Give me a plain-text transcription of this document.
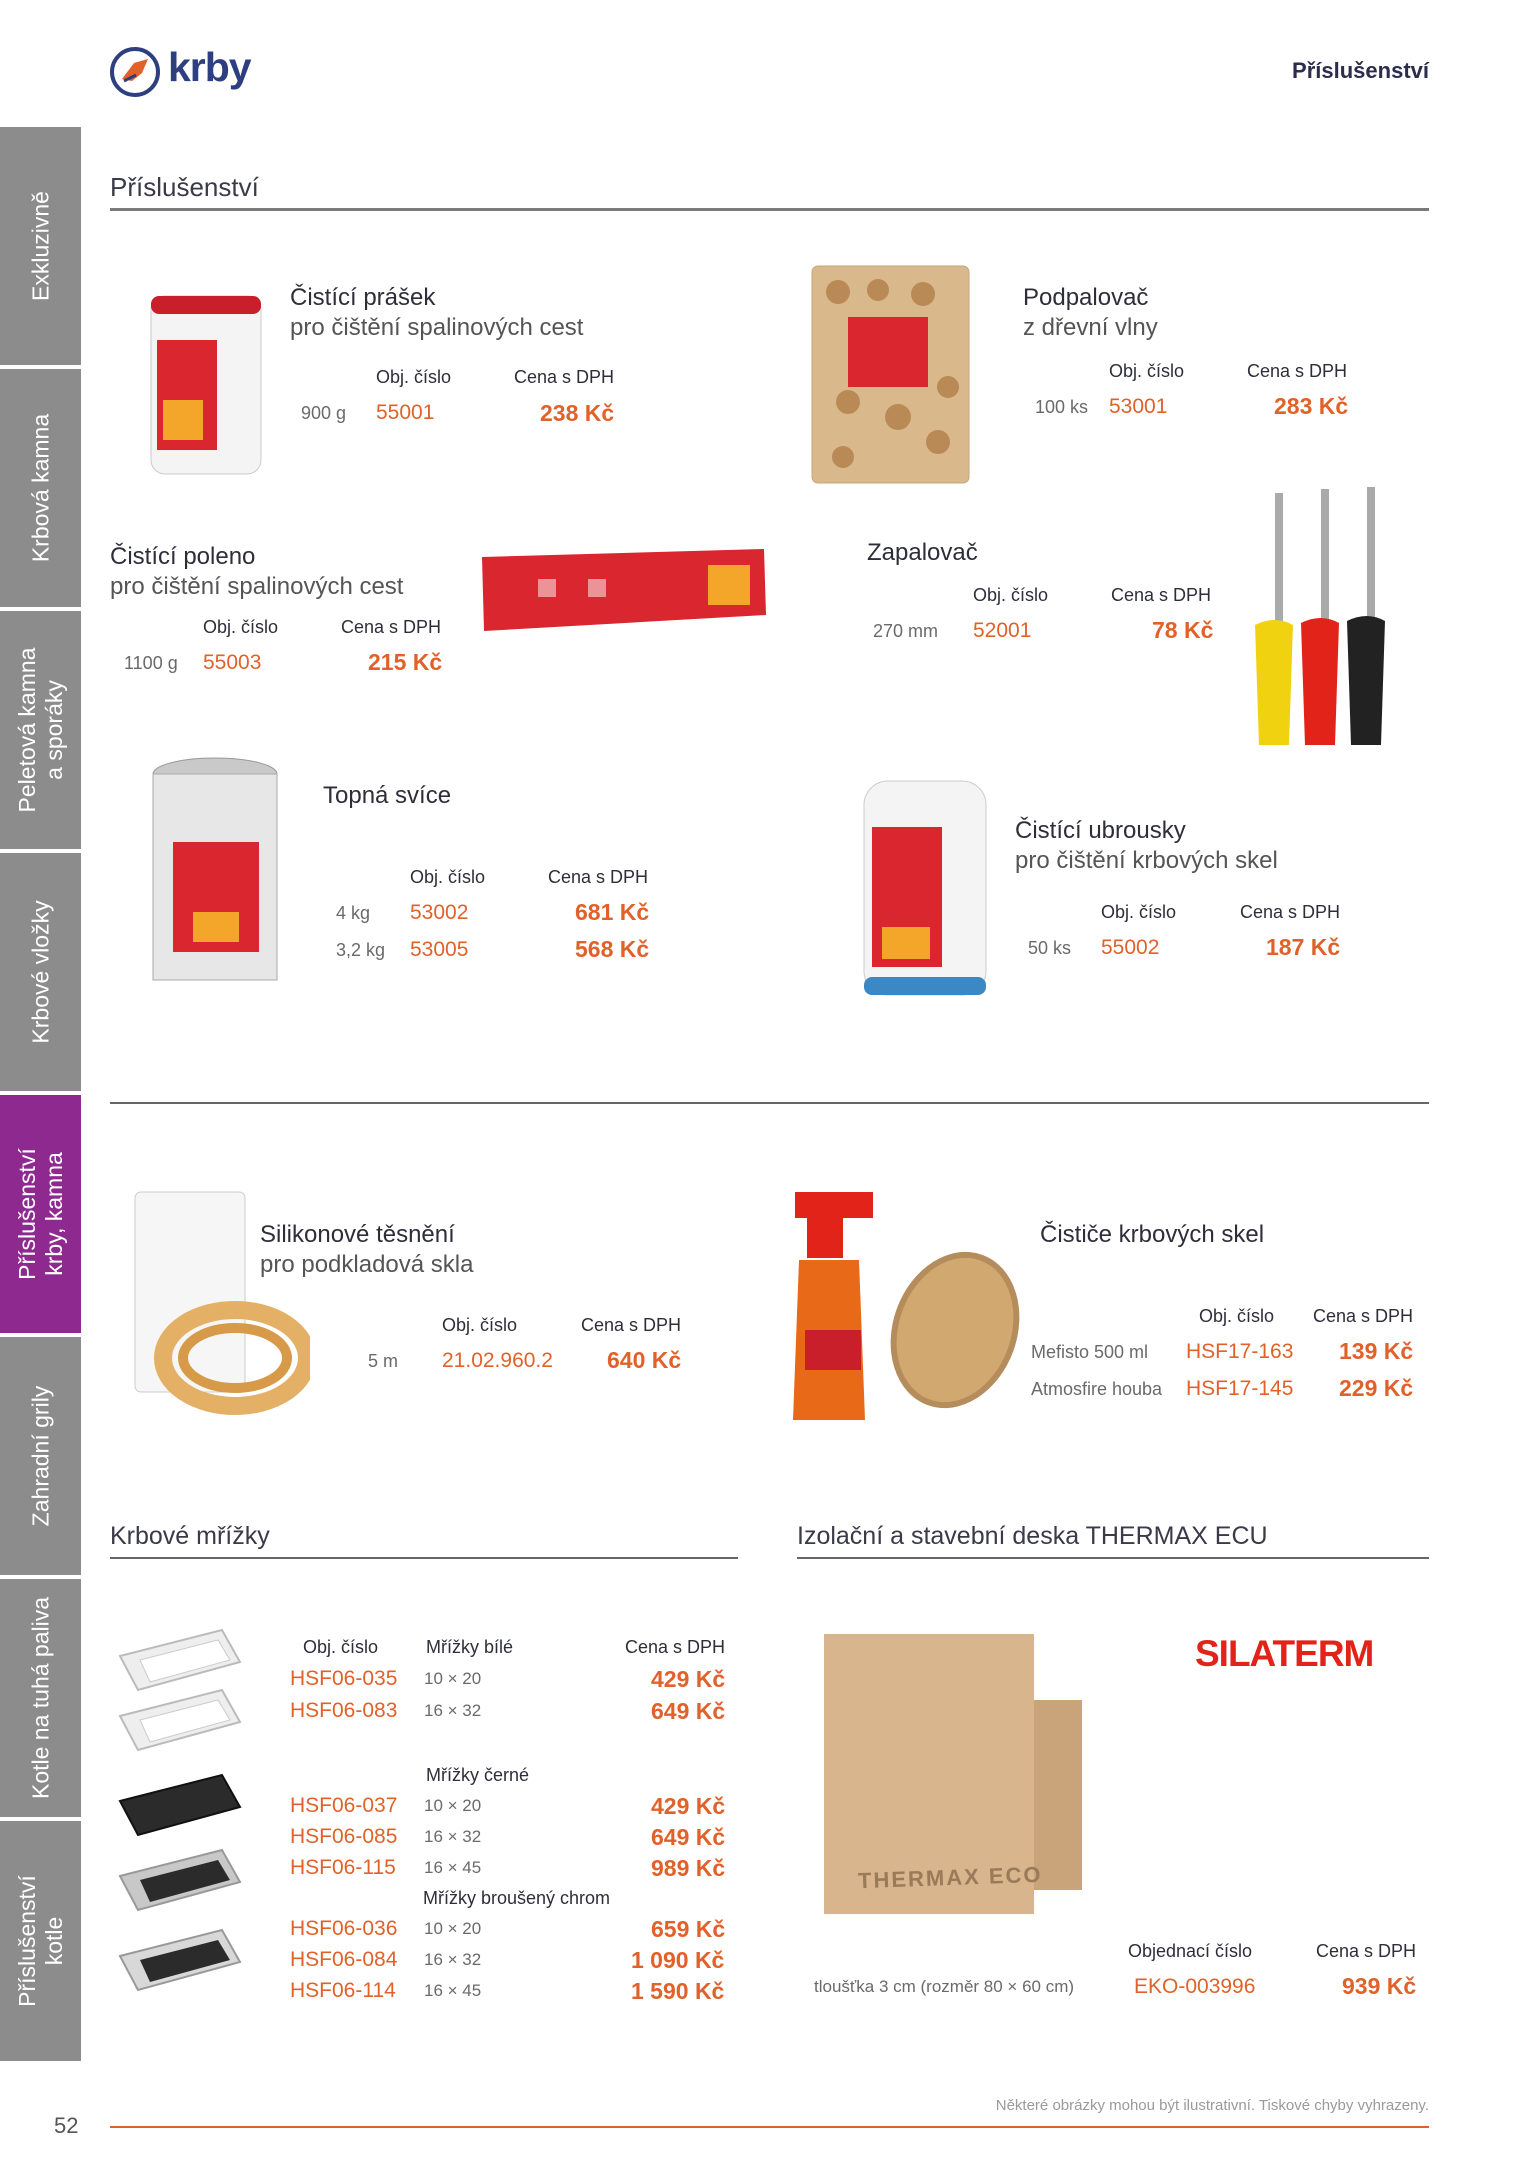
Exkluzivně
Krbová kamna
Peletová kamna a sporáky
Krbové vložky
Příslušenství krby, kamna
Zahradní grily
Kotle na tuhá paliva
Příslušenství kotle
krby	Příslušenství
Příslušenství
THERMAX ECO
SILATERM
Čistící prášek
pro čištění spalinových cest
Obj. číslo	Cena s DPH
900 g 55001	238 Kč
Podpalovač
z dřevní vlny
Obj. číslo	Cena s DPH
100 ks 53001	283 Kč
Čistící poleno
pro čištění spalinových cest
Obj. číslo	Cena s DPH
1100 g 55003	215 Kč
Zapalovač
Obj. číslo	Cena s DPH
270 mm 52001	78 Kč
Topná svíce
Obj. číslo	Cena s DPH
4 kg 53002	681 Kč
3,2 kg 53005	568 Kč
Čistící ubrousky
pro čištění krbových skel
Obj. číslo	Cena s DPH
50 ks 55002	187 Kč
Silikonové těsnění
pro podkladová skla
Obj. číslo	Cena s DPH
5 m 21.02.960.2 640 Kč
Čističe krbových skel
Obj. číslo Cena s DPH
Mefisto 500 ml HSF17-163 139 Kč
Atmosfire houba HSF17-145 229 Kč
Krbové mřížky
Obj. číslo	Cena s DPH
Mřížky bílé
HSF06-035 10 × 20	429 Kč
HSF06-083 16 × 32	649 Kč
Mřížky černé
HSF06-037 10 × 20	429 Kč
HSF06-085 16 × 32	649 Kč
HSF06-115 16 × 45	989 Kč
Mřížky broušený chrom
HSF06-036 10 × 20	659 Kč
HSF06-084 16 × 32	1 090 Kč
HSF06-114 16 × 45	1 590 Kč
Izolační a stavební deska THERMAX ECU
Objednací číslo	Cena s DPH
tloušťka 3 cm (rozměr 80 × 60 cm)	EKO-003996	939 Kč
Některé obrázky mohou být ilustrativní. Tiskové chyby vyhrazeny.
52
